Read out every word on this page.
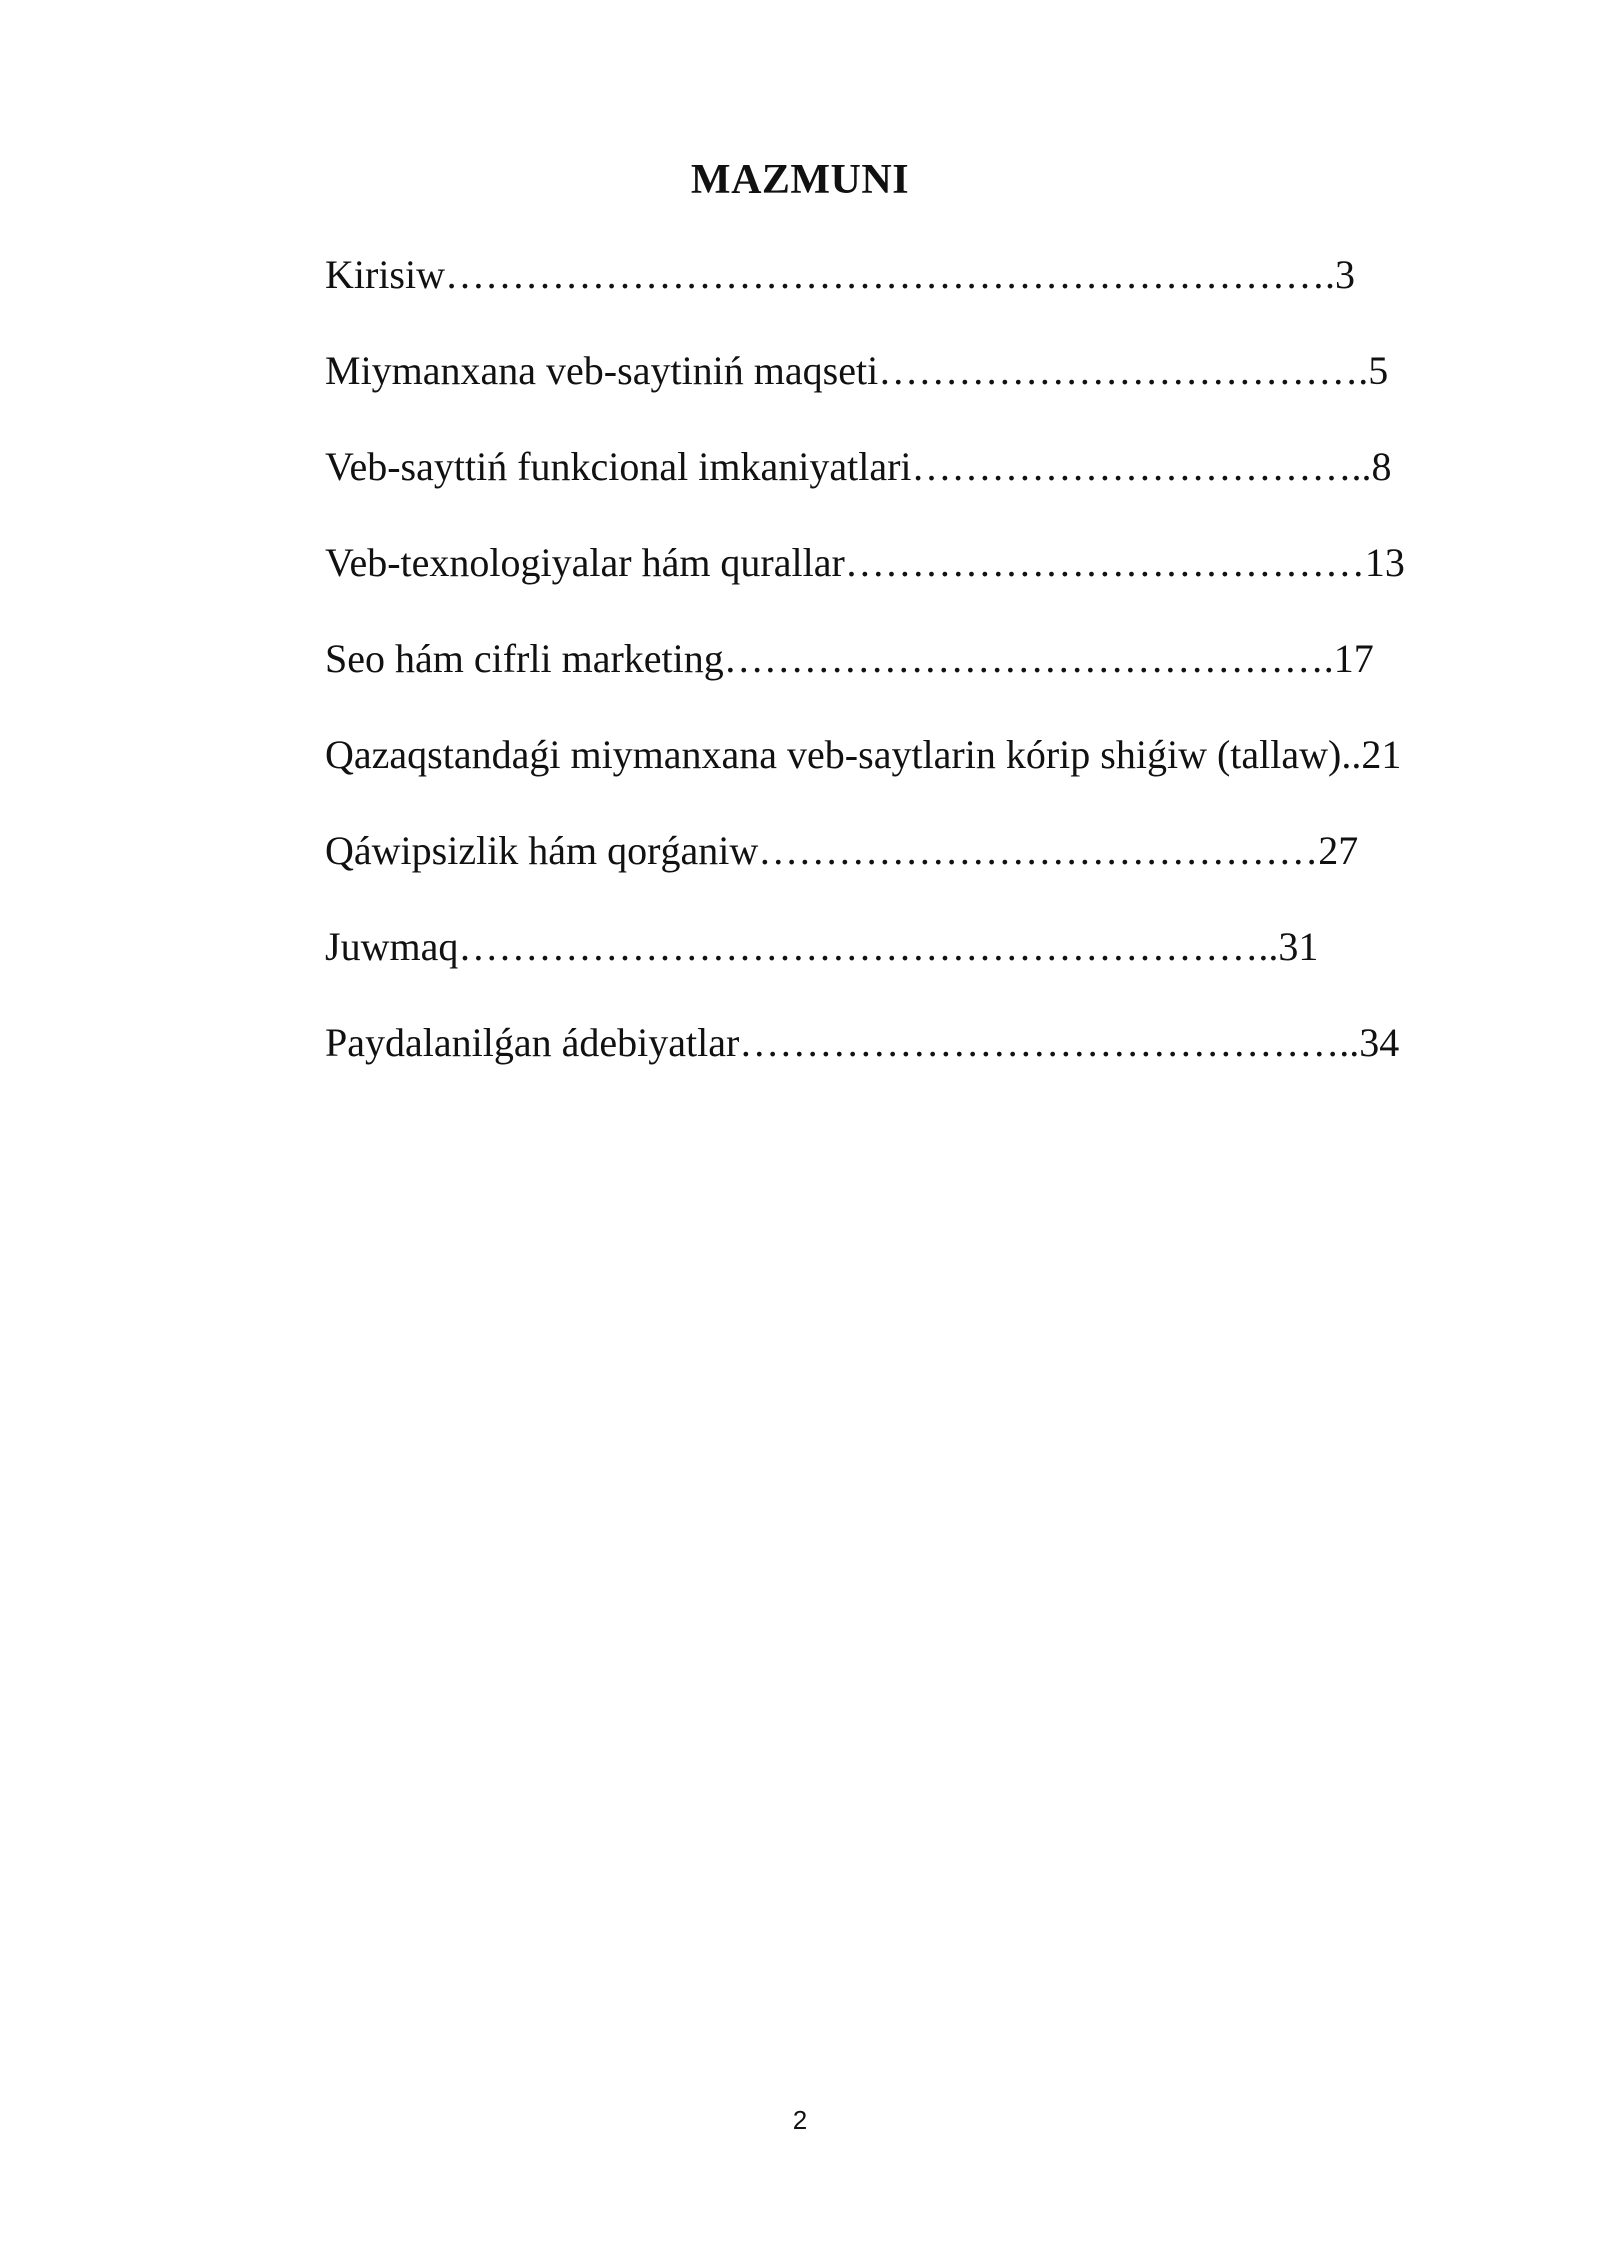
MAZMUNI
Kirisiw………………………………………………………….3
Miymanxana veb-saytiniń maqseti……………………………….5
Veb-sayttiń funkcional imkaniyatlari……………………………..8
Veb-texnologiyalar hám qurallar…………………………………13
Seo hám cifrli marketing……………………………………….17
Qazaqstandaǵi miymanxana veb-saytlarin kórip shiǵiw (tallaw)..21
Qáwipsizlik hám qorǵaniw……………………………………27
Juwmaq……………………………………………………..31
Paydalanilǵan ádebiyatlar………………………………………..34
2
